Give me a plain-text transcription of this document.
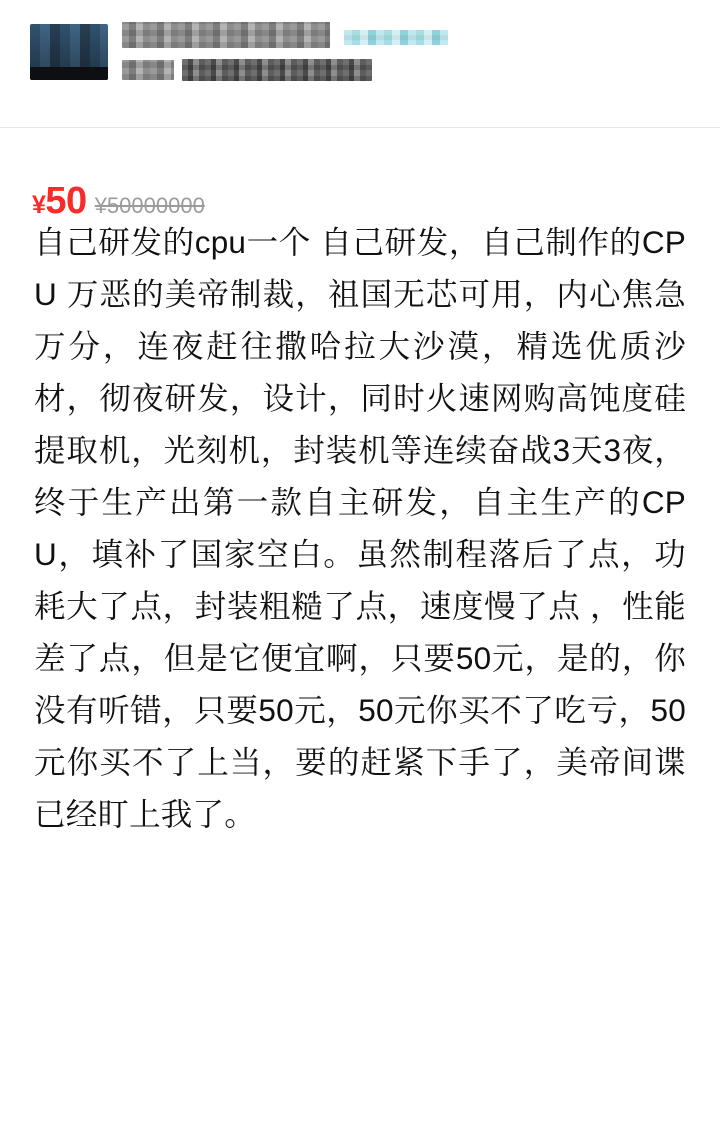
¥50 ¥50000000
自己研发的cpu一个 自己研发，自己制作的CPU 万恶的美帝制裁，祖国无芯可用，内心焦急万分，连夜赶往撒哈拉大沙漠，精选优质沙材，彻夜研发，设计，同时火速网购高饨度硅提取机，光刻机，封装机等连续奋战3天3夜，终于生产出第一款自主研发，自主生产的CPU，填补了国家空白。虽然制程落后了点，功耗大了点，封装粗糙了点，速度慢了点 ，性能差了点，但是它便宜啊，只要50元，是的，你没有听错，只要50元，50元你买不了吃亏，50元你买不了上当，要的赶紧下手了，美帝间谍已经盯上我了。
